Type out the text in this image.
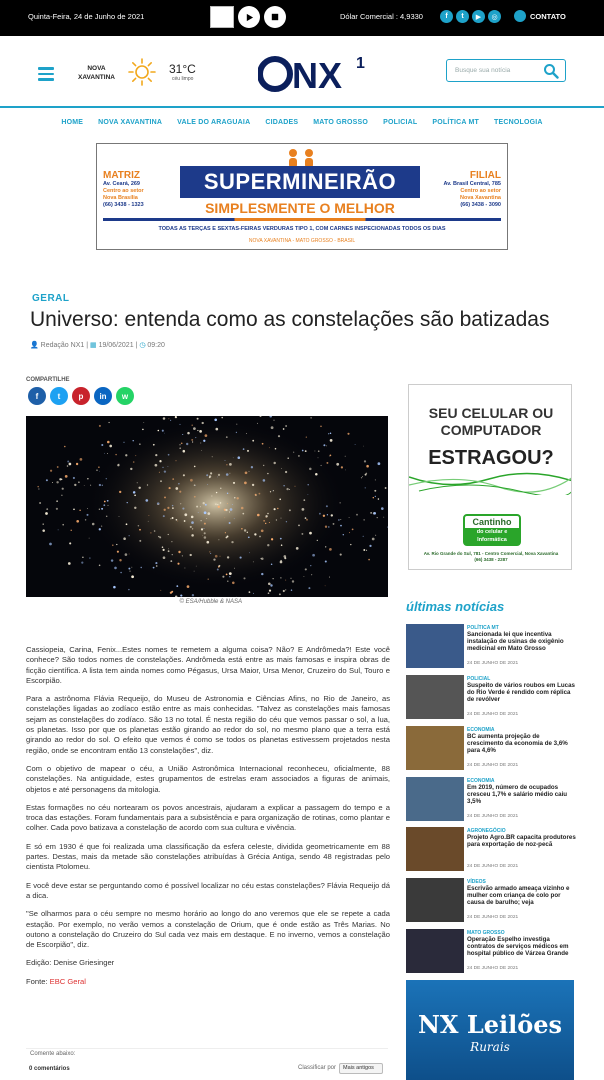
Quinta-Feira, 24 de Junho de 2021	Dólar Comercial : 4,9330	f	t	▶	◎	CONTATO
NOVA
XAVANTINA
31°C
céu limpo	NX 1	Busque sua notícia
HOME NOVA XAVANTINA VALE DO ARAGUAIA CIDADES MATO GROSSO POLICIAL POLÍTICA MT TECNOLOGIA
MATRIZ
Av. Ceará, 269
Centro ao setor
Nova Brasília
(66) 3438 - 1323
SUPERMINEIRÃO
SIMPLESMENTE O MELHOR
FILIAL
Av. Brasil Central, 785
Centro ao setor
Nova Xavantina
(66) 3438 - 3090
TODAS AS TERÇAS E SEXTAS-FEIRAS VERDURAS TIPO 1, COM CARNES INSPECIONADAS TODOS OS DIAS
NOVA XAVANTINA - MATO GROSSO - BRASIL
GERAL
Universo: entenda como as constelações são batizadas
👤 Redação NX1 | ▦ 19/06/2021 | ◷ 09:20
COMPARTILHE
f	t	p	in	w
© ESA/Hubble & NASA

Cassiopeia, Carina, Fenix...Estes nomes te remetem a alguma coisa? Não? E Andrômeda?! Este você conhece? São todos nomes de constelações. Andrômeda está entre as mais famosas e inspira obras de ficção científica. A lista tem ainda nomes como Pégasus, Ursa Maior, Ursa Menor, Cruzeiro do Sul, Touro e Escorpião.

Para a astrônoma Flávia Requeijo, do Museu de Astronomia e Ciências Afins, no Rio de Janeiro, as constelações ligadas ao zodíaco estão entre as mais conhecidas. "Talvez as constelações mais famosas sejam as constelações do zodíaco. São 13 no total. É nesta região do céu que vemos passar o sol, a lua, os planetas. Isso por que os planetas estão girando ao redor do sol, no mesmo plano que a terra está girando ao redor do sol. O efeito que vemos é como se todos os planetas estivessem projetados nesta região, onde se encontram então 13 constelações", diz.

Com o objetivo de mapear o céu, a União Astronômica Internacional reconheceu, oficialmente, 88 constelações. Na antiguidade, estes grupamentos de estrelas eram associados a figuras de animais, objetos e até personagens da mitologia.

Estas formações no céu nortearam os povos ancestrais, ajudaram a explicar a passagem do tempo e a troca das estações. Foram fundamentais para a subsistência e para organização de rotinas, como plantar e colher. Cada povo batizava a constelação de acordo com sua cultura e vivência.

E só em 1930 é que foi realizada uma classificação da esfera celeste, dividida geometricamente em 88 partes. Destas, mais da metade são constelações atribuídas à Grécia Antiga, sendo 48 registradas pelo cientista Ptolomeu.

E você deve estar se perguntando como é possível localizar no céu estas constelações? Flávia Requeijo dá a dica.

"Se olharmos para o céu sempre no mesmo horário ao longo do ano veremos que ele se repete a cada estação. Por exemplo, no verão vemos a constelação de Orium, que é onde estão as Três Marias. No outono a constelação do Cruzeiro do Sul cada vez mais em destaque. E no inverno, vemos a constelação de Escorpião", diz.

Edição: Denise Griesinger

Fonte: EBC Geral

Comente abaixo:
0 comentários	Classificar por	Mais antigos
SEU CELULAR OU
COMPUTADOR
ESTRAGOU?
Cantinho
do celular e Informática
Av. Rio Grande do Sul, 781 - Centro Comercial, Nova Xavantina
(66) 3438 - 2287
últimas notícias
POLÍTICA MT
Sancionada lei que incentiva instalação de usinas de oxigênio medicinal em Mato Grosso
24 DE JUNHO DE 2021
POLICIAL
Suspeito de vários roubos em Lucas do Rio Verde é rendido com réplica de revólver
24 DE JUNHO DE 2021
ECONOMIA
BC aumenta projeção de crescimento da economia de 3,6% para 4,6%
24 DE JUNHO DE 2021
ECONOMIA
Em 2019, número de ocupados cresceu 1,7% e salário médio caiu 3,5%
24 DE JUNHO DE 2021
AGRONEGÓCIO
Projeto Agro.BR capacita produtores para exportação de noz-pecã
24 DE JUNHO DE 2021
VÍDEOS
Escrivão armado ameaça vizinho e mulher com criança de colo por causa de barulho; veja
24 DE JUNHO DE 2021
MATO GROSSO
Operação Espelho investiga contratos de serviços médicos em hospital público de Várzea Grande
24 DE JUNHO DE 2021
NX Leilões
Rurais
